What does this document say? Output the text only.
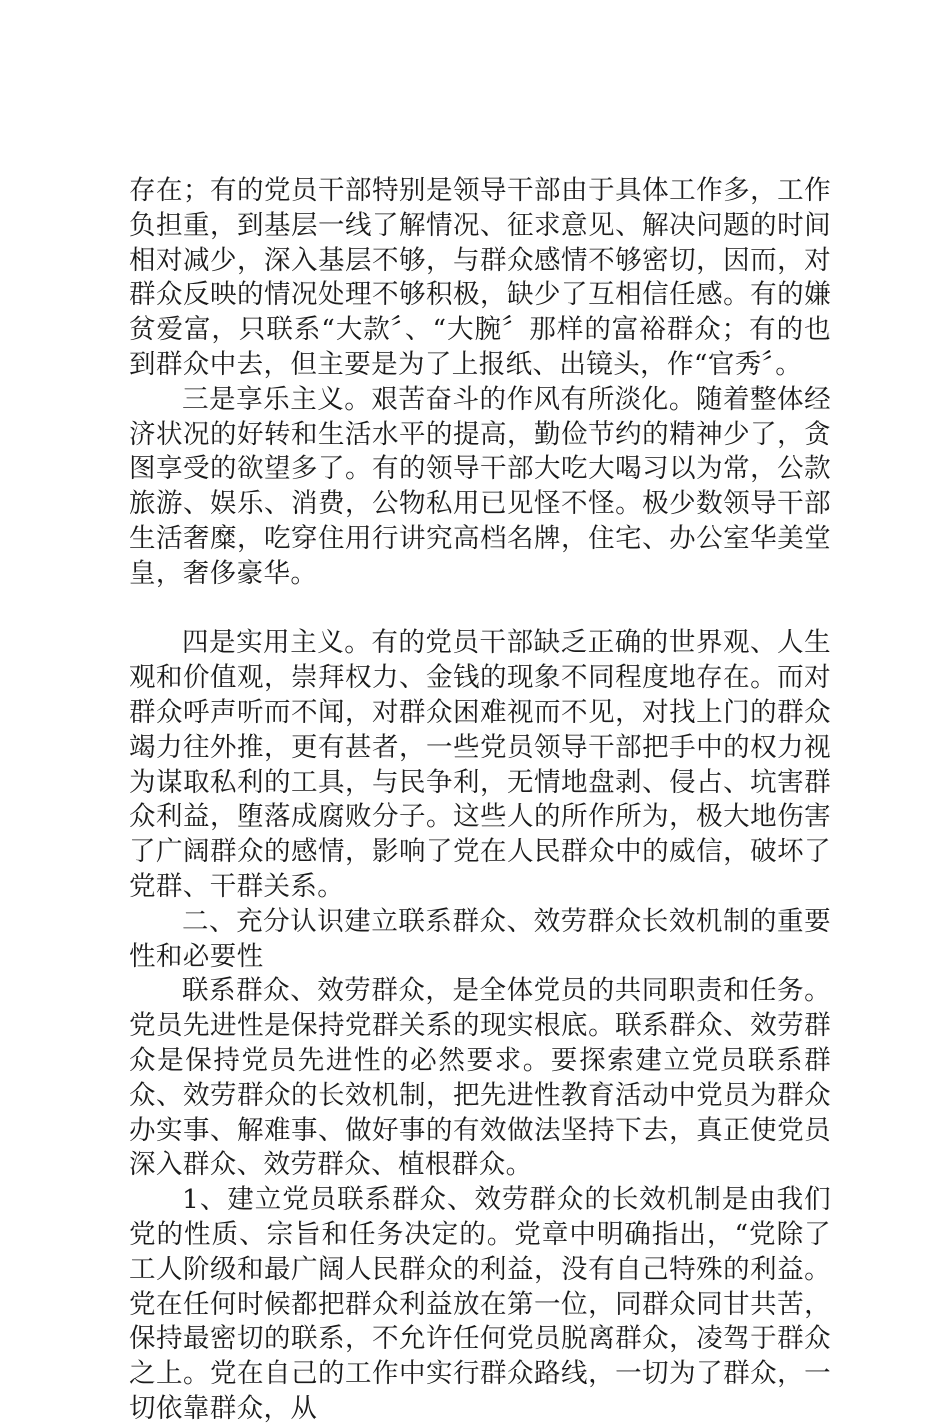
存在；有的党员干部特别是领导干部由于具体工作多，工作负担重，到基层一线了解情况、征求意见、解决问题的时间相对减少，深入基层不够，与群众感情不够密切，因而，对群众反映的情况处理不够积极，缺少了互相信任感。有的嫌贫爱富，只联系“大款〞、“大腕〞那样的富裕群众；有的也到群众中去，但主要是为了上报纸、出镜头，作“官秀〞。

三是享乐主义。艰苦奋斗的作风有所淡化。随着整体经济状况的好转和生活水平的提高，勤俭节约的精神少了，贪图享受的欲望多了。有的领导干部大吃大喝习以为常，公款旅游、娱乐、消费，公物私用已见怪不怪。极少数领导干部生活奢糜，吃穿住用行讲究高档名牌，住宅、办公室华美堂皇，奢侈豪华。

四是实用主义。有的党员干部缺乏正确的世界观、人生观和价值观，崇拜权力、金钱的现象不同程度地存在。而对群众呼声听而不闻，对群众困难视而不见，对找上门的群众竭力往外推，更有甚者，一些党员领导干部把手中的权力视为谋取私利的工具，与民争利，无情地盘剥、侵占、坑害群众利益，堕落成腐败分子。这些人的所作所为，极大地伤害了广阔群众的感情，影响了党在人民群众中的威信，破坏了党群、干群关系。

二、充分认识建立联系群众、效劳群众长效机制的重要性和必要性

联系群众、效劳群众，是全体党员的共同职责和任务。党员先进性是保持党群关系的现实根底。联系群众、效劳群众是保持党员先进性的必然要求。要探索建立党员联系群众、效劳群众的长效机制，把先进性教育活动中党员为群众办实事、解难事、做好事的有效做法坚持下去，真正使党员深入群众、效劳群众、植根群众。

1、建立党员联系群众、效劳群众的长效机制是由我们党的性质、宗旨和任务决定的。党章中明确指出，“党除了工人阶级和最广阔人民群众的利益，没有自己特殊的利益。党在任何时候都把群众利益放在第一位，同群众同甘共苦，保持最密切的联系，不允许任何党员脱离群众，凌驾于群众之上。党在自己的工作中实行群众路线，一切为了群众，一切依靠群众，从
